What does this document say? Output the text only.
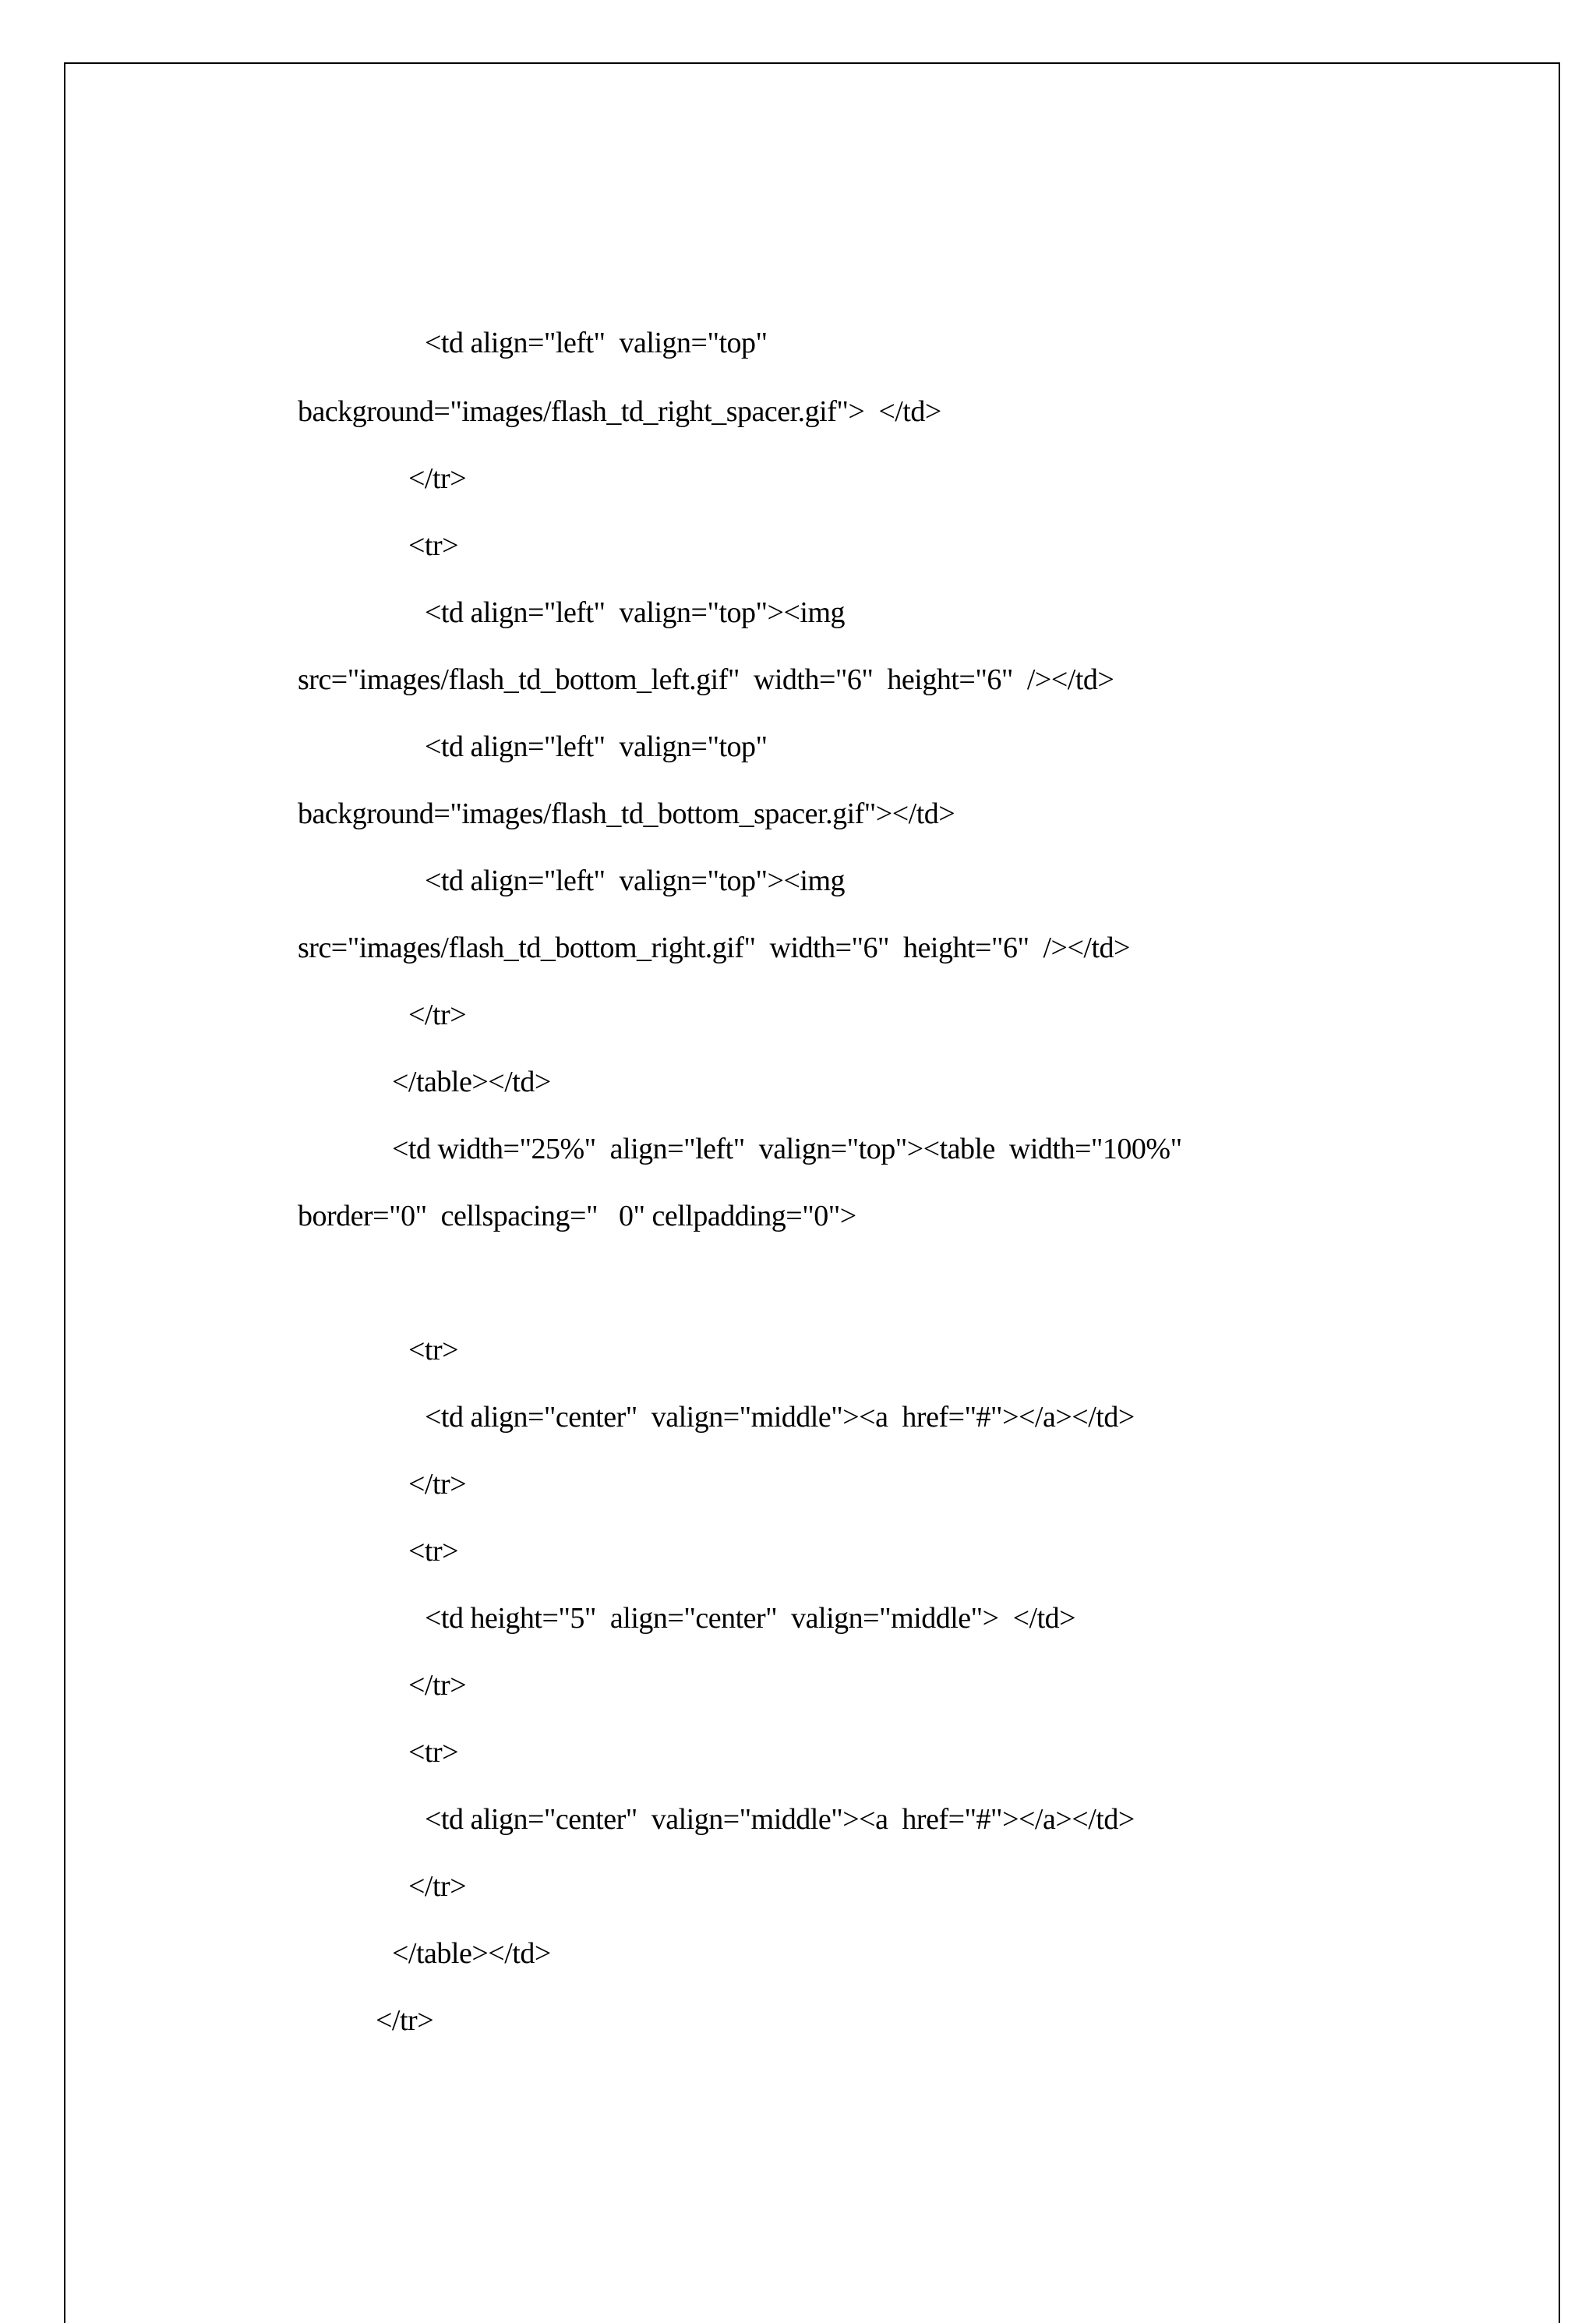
<td align="left"  valign="top"
background="images/flash_td_right_spacer.gif">  </td>
</tr>
<tr>
<td align="left"  valign="top"><img
src="images/flash_td_bottom_left.gif"  width="6"  height="6"  /></td>
<td align="left"  valign="top"
background="images/flash_td_bottom_spacer.gif"></td>
<td align="left"  valign="top"><img
src="images/flash_td_bottom_right.gif"  width="6"  height="6"  /></td>
</tr>
</table></td>
<td width="25%"  align="left"  valign="top"><table  width="100%"
border="0"  cellspacing="   0" cellpadding="0">
<tr>
<td align="center"  valign="middle"><a  href="#"></a></td>
</tr>
<tr>
<td height="5"  align="center"  valign="middle">  </td>
</tr>
<tr>
<td align="center"  valign="middle"><a  href="#"></a></td>
</tr>
</table></td>
</tr>
